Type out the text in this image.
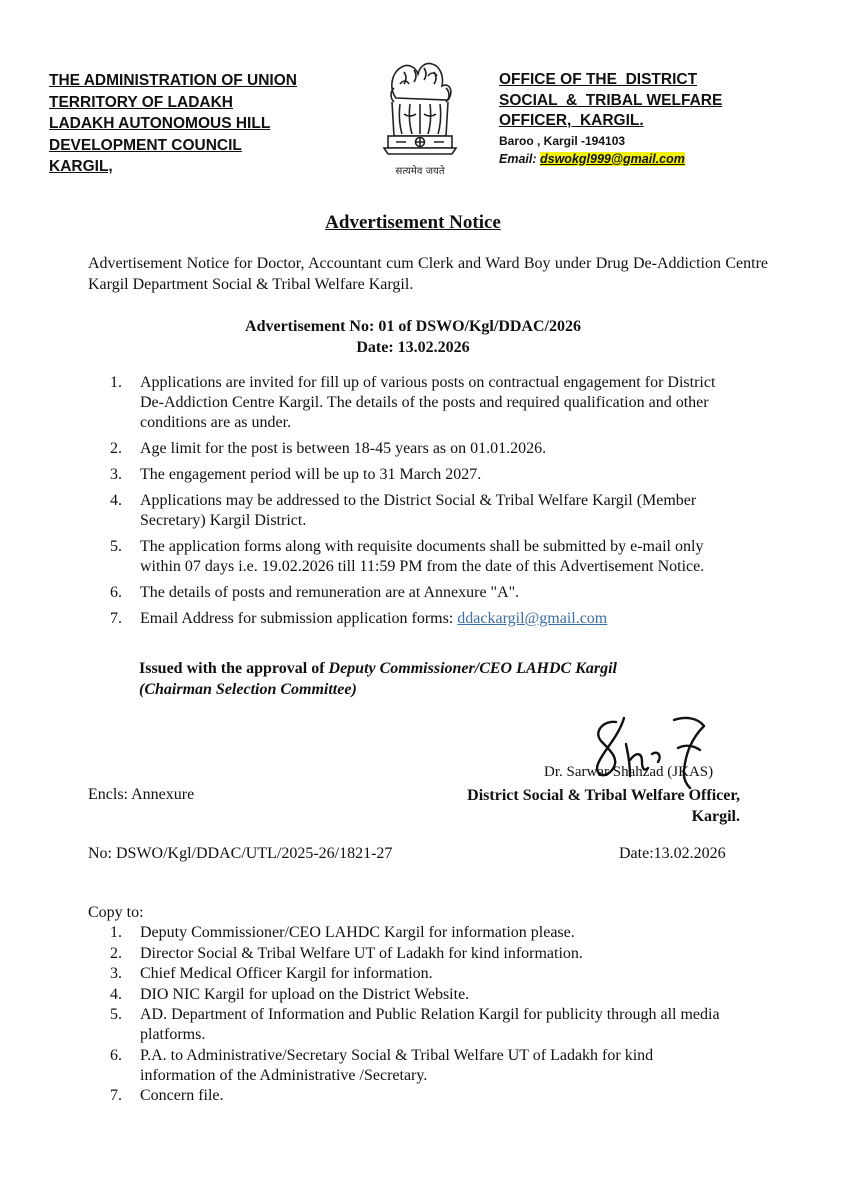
THE ADMINISTRATION OF UNION
TERRITORY OF LADAKH
LADAKH AUTONOMOUS HILL
DEVELOPMENT COUNCIL
KARGIL,	सत्यमेव जयते
OFFICE OF THE  DISTRICT
SOCIAL  &  TRIBAL WELFARE
OFFICER,  KARGIL.
Baroo , Kargil -194103
Email: dswokgl999@gmail.com
Advertisement Notice
Advertisement Notice for Doctor, Accountant cum Clerk and Ward Boy under Drug De-Addiction Centre Kargil Department Social & Tribal Welfare Kargil.
Advertisement No: 01 of DSWO/Kgl/DDAC/2026
Date: 13.02.2026
1. Applications are invited for fill up of various posts on contractual engagement for District De-Addiction Centre Kargil. The details of the posts and required qualification and other conditions are as under.
2. Age limit for the post is between 18-45 years as on 01.01.2026.
3. The engagement period will be up to 31 March 2027.
4. Applications may be addressed to the District Social & Tribal Welfare Kargil (Member Secretary) Kargil District.
5. The application forms along with requisite documents shall be submitted by e-mail only within 07 days i.e. 19.02.2026 till 11:59 PM from the date of this Advertisement Notice.
6. The details of posts and remuneration are at Annexure "A".
7. Email Address for submission application forms: ddackargil@gmail.com
Issued with the approval of Deputy Commissioner/CEO LAHDC Kargil
(Chairman Selection Committee)
Dr. Sarwar Shahzad (JKAS)
District Social & Tribal Welfare Officer,
Kargil.
Encls: Annexure
No: DSWO/Kgl/DDAC/UTL/2025-26/1821-27	Date:13.02.2026
Copy to:
1. Deputy Commissioner/CEO LAHDC Kargil for information please.
2. Director Social & Tribal Welfare UT of Ladakh for kind information.
3. Chief Medical Officer Kargil for information.
4. DIO NIC Kargil for upload on the District Website.
5. AD. Department of Information and Public Relation Kargil for publicity through all media platforms.
6. P.A. to Administrative/Secretary Social & Tribal Welfare UT of Ladakh for kind information of the Administrative /Secretary.
7. Concern file.
